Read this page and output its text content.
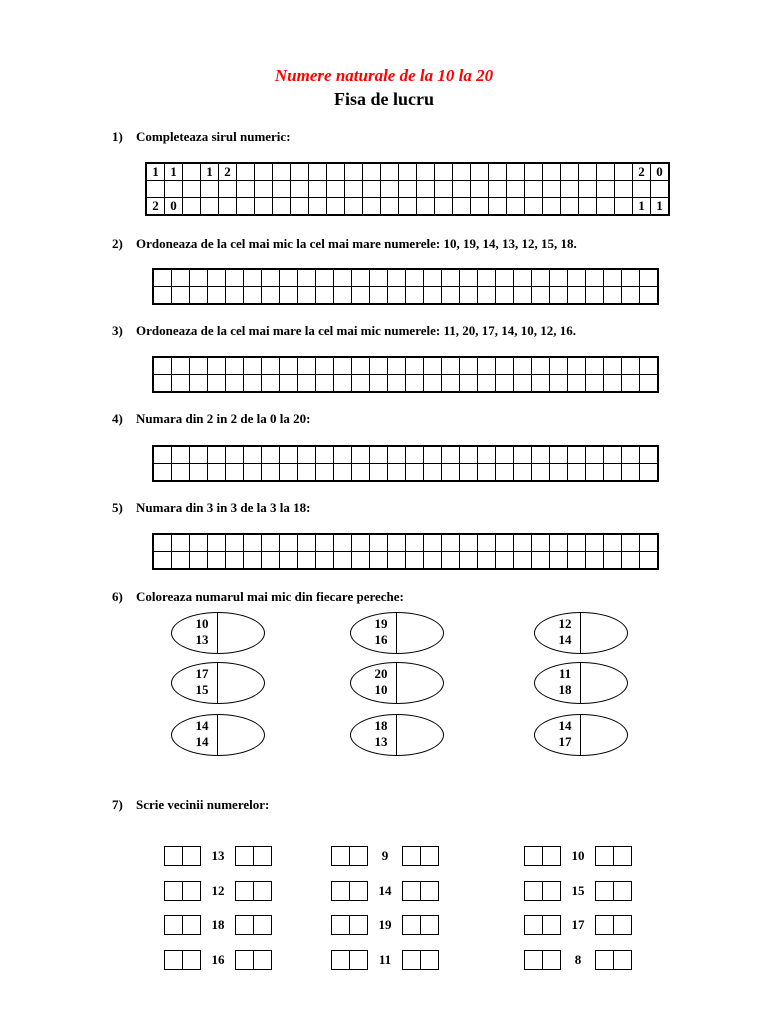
Numere naturale de la 10 la 20
Fisa de lucru
1) Completeaza sirul numeric:
1	1		1	2																							2	0

2	0																										1	1
2) Ordoneaza de la cel mai mic la cel mai mare numerele: 10, 19, 14, 13, 12, 15, 18.

3) Ordoneaza de la cel mai mare la cel mai mic numerele: 11, 20, 17, 14, 10, 12, 16.

4) Numara din 2 in 2 de la 0 la 20:

5) Numara din 3 in 3 de la 3 la 18:

6) Coloreaza numarul mai mic din fiecare pereche:
10
13
19
16
12
14
17
15
20
10
11
18
14
14
18
13
14
17
7) Scrie vecinii numerelor:
13	9	10
12	14	15
18	19	17
16	11	8
